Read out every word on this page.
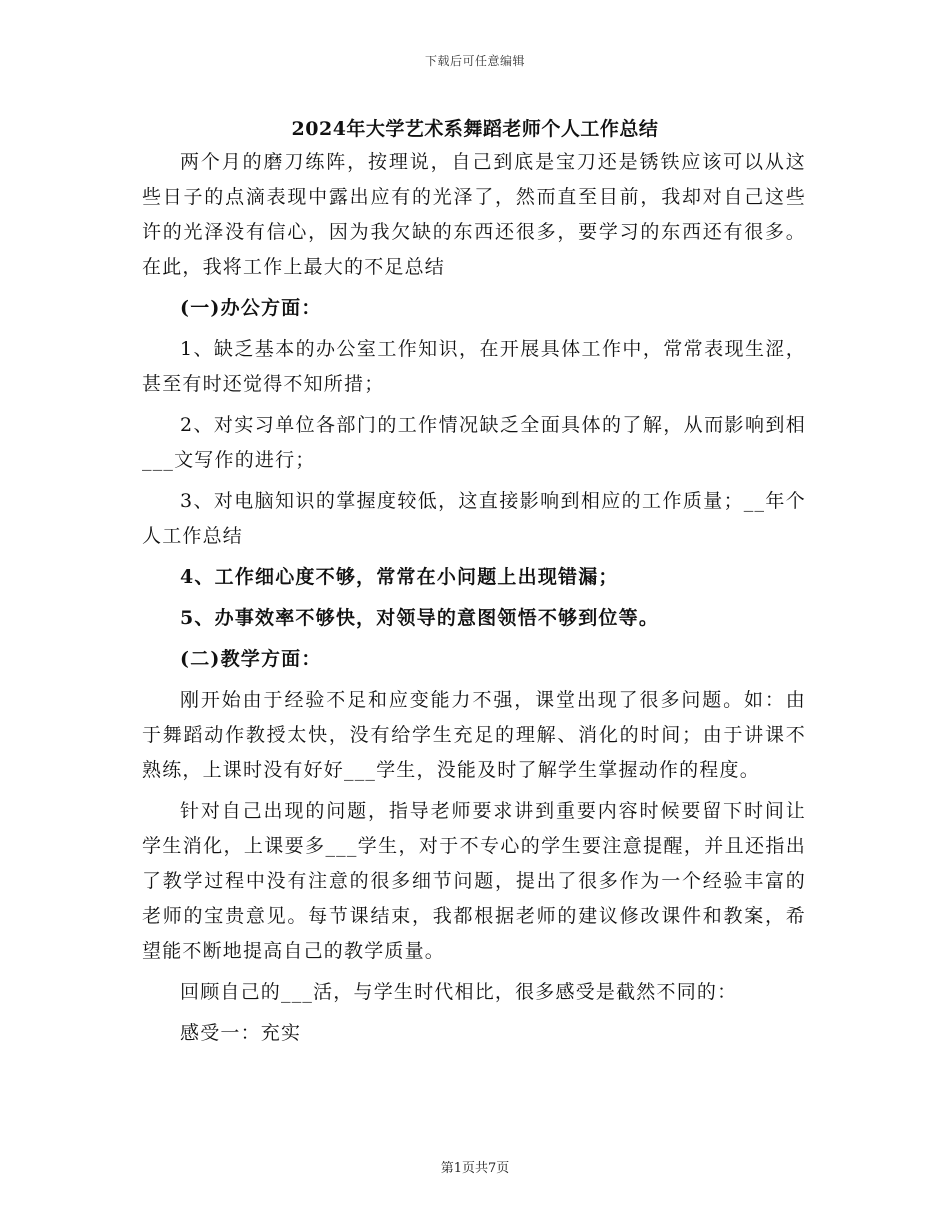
下载后可任意编辑
2024年大学艺术系舞蹈老师个人工作总结

两个月的磨刀练阵，按理说，自己到底是宝刀还是锈铁应该可以从这些日子的点滴表现中露出应有的光泽了，然而直至目前，我却对自己这些许的光泽没有信心，因为我欠缺的东西还很多，要学习的东西还有很多。在此，我将工作上最大的不足总结

(一)办公方面：

1、缺乏基本的办公室工作知识，在开展具体工作中，常常表现生涩，甚至有时还觉得不知所措；

2、对实习单位各部门的工作情况缺乏全面具体的了解，从而影响到相___文写作的进行；

3、对电脑知识的掌握度较低，这直接影响到相应的工作质量；__年个人工作总结

4、工作细心度不够，常常在小问题上出现错漏；

5、办事效率不够快，对领导的意图领悟不够到位等。

(二)教学方面：

刚开始由于经验不足和应变能力不强，课堂出现了很多问题。如：由于舞蹈动作教授太快，没有给学生充足的理解、消化的时间；由于讲课不熟练，上课时没有好好___学生，没能及时了解学生掌握动作的程度。

针对自己出现的问题，指导老师要求讲到重要内容时候要留下时间让学生消化，上课要多___学生，对于不专心的学生要注意提醒，并且还指出了教学过程中没有注意的很多细节问题，提出了很多作为一个经验丰富的老师的宝贵意见。每节课结束，我都根据老师的建议修改课件和教案，希望能不断地提高自己的教学质量。

回顾自己的___活，与学生时代相比，很多感受是截然不同的：

感受一：充实

第1页共7页
